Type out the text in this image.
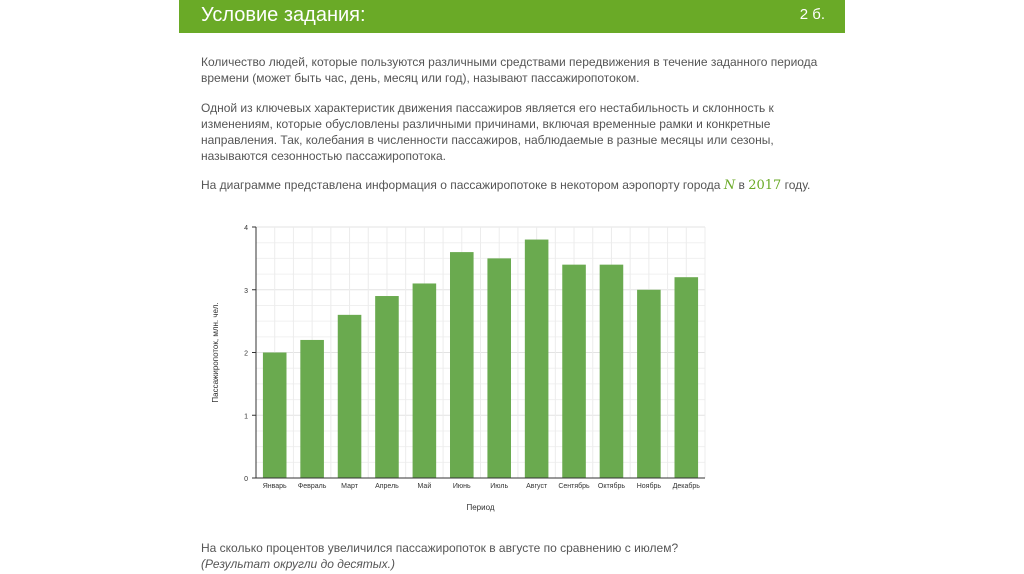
Условие задания:	2 б.

Количество людей, которые пользуются различными средствами передвижения в течение заданного периода времени (может быть час, день, месяц или год), называют пассажиропотоком.

Одной из ключевых характеристик движения пассажиров является его нестабильность и склонность к изменениям, которые обусловлены различными причинами, включая временные рамки и конкретные направления. Так, колебания в численности пассажиров, наблюдаемые в разные месяцы или сезоны, называются сезонностью пассажиропотока.

На диаграмме представлена информация о пассажиропотоке в некотором аэропорту города N в 2017 году.

0
1
2
3
4
Январь Февраль Март Апрель	Май	Июнь	Июль	Август Сентябрь Октябрь Ноябрь Декабрь
Период
Пассажиропоток, млн. чел.
На сколько процентов увеличился пассажиропоток в августе по сравнению с июлем?
(Результат округли до десятых.)
